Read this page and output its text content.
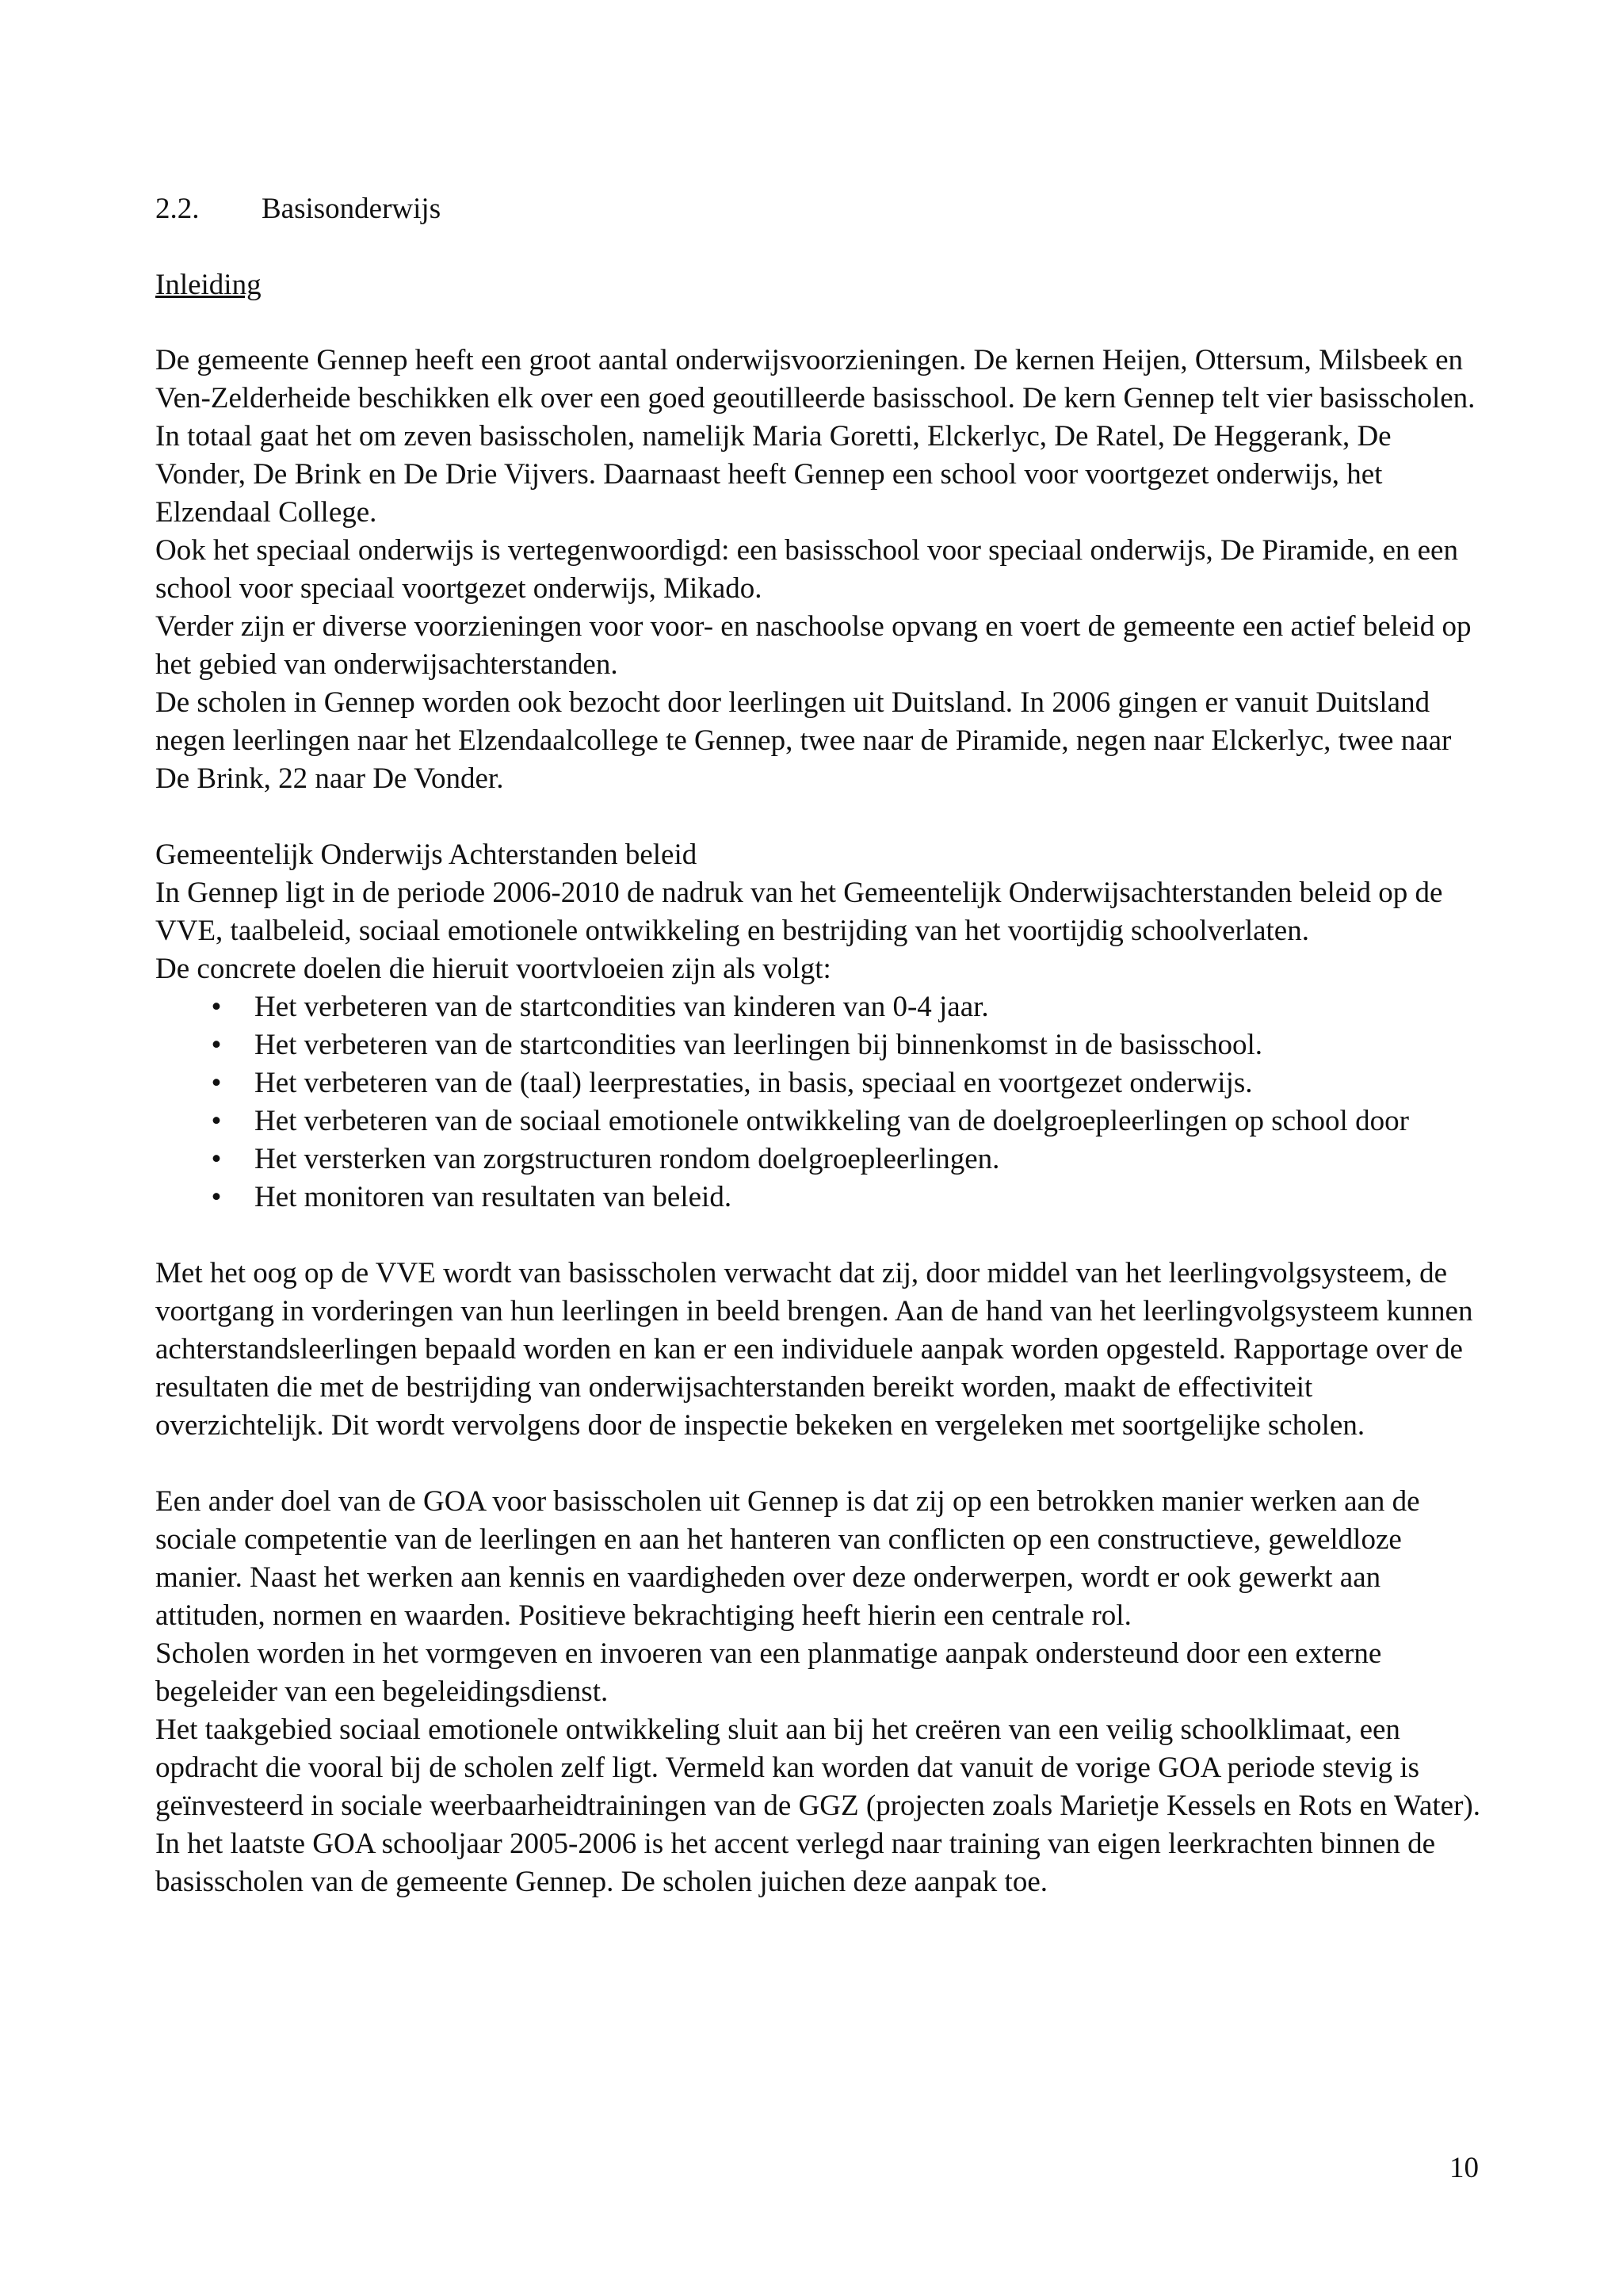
2.2.	Basisonderwijs
Inleiding

De gemeente Gennep heeft een groot aantal onderwijsvoorzieningen. De kernen Heijen, Ottersum, Milsbeek en Ven-Zelderheide beschikken elk over een goed geoutilleerde basisschool. De kern Gennep telt vier basisscholen. In totaal gaat het om zeven basisscholen, namelijk Maria Goretti, Elckerlyc, De Ratel, De Heggerank, De Vonder, De Brink en De Drie Vijvers. Daarnaast heeft Gennep een school voor voortgezet onderwijs, het Elzendaal College.

Ook het speciaal onderwijs is vertegenwoordigd: een basisschool voor speciaal onderwijs, De Piramide, en een school voor speciaal voortgezet onderwijs, Mikado.

Verder zijn er diverse voorzieningen voor voor- en naschoolse opvang en voert de gemeente een actief beleid op het gebied van onderwijsachterstanden.

De scholen in Gennep worden ook bezocht door leerlingen uit Duitsland. In 2006 gingen er vanuit Duitsland negen leerlingen naar het Elzendaalcollege te Gennep, twee naar de Piramide, negen naar Elckerlyc, twee naar De Brink, 22 naar De Vonder.

Gemeentelijk Onderwijs Achterstanden beleid

In Gennep ligt in de periode 2006-2010 de nadruk van het Gemeentelijk Onderwijsachterstanden beleid op de VVE, taalbeleid, sociaal emotionele ontwikkeling en bestrijding van het voortijdig schoolverlaten.

De concrete doelen die hieruit voortvloeien zijn als volgt:

• Het verbeteren van de startcondities van kinderen van 0-4 jaar.
• Het verbeteren van de startcondities van leerlingen bij binnenkomst in de basisschool.
• Het verbeteren van de (taal) leerprestaties, in basis, speciaal en voortgezet onderwijs.
• Het verbeteren van de sociaal emotionele ontwikkeling van de doelgroepleerlingen op school door
• Het versterken van zorgstructuren rondom doelgroepleerlingen.
• Het monitoren van resultaten van beleid.

Met het oog op de VVE wordt van basisscholen verwacht dat zij, door middel van het leerlingvolgsysteem, de voortgang in vorderingen van hun leerlingen in beeld brengen. Aan de hand van het leerlingvolgsysteem kunnen achterstandsleerlingen bepaald worden en kan er een individuele aanpak worden opgesteld. Rapportage over de resultaten die met de bestrijding van onderwijsachterstanden bereikt worden, maakt de effectiviteit overzichtelijk. Dit wordt vervolgens door de inspectie bekeken en vergeleken met soortgelijke scholen.

Een ander doel van de GOA voor basisscholen uit Gennep is dat zij op een betrokken manier werken aan de sociale competentie van de leerlingen en aan het hanteren van conflicten op een constructieve, geweldloze manier. Naast het werken aan kennis en vaardigheden over deze onderwerpen, wordt er ook gewerkt aan attituden, normen en waarden. Positieve bekrachtiging heeft hierin een centrale rol.

Scholen worden in het vormgeven en invoeren van een planmatige aanpak ondersteund door een externe begeleider van een begeleidingsdienst.

Het taakgebied sociaal emotionele ontwikkeling sluit aan bij het creëren van een veilig schoolklimaat, een opdracht die vooral bij de scholen zelf ligt. Vermeld kan worden dat vanuit de vorige GOA periode stevig is geïnvesteerd in sociale weerbaarheidtrainingen van de GGZ (projecten zoals Marietje Kessels en Rots en Water). In het laatste GOA schooljaar 2005-2006 is het accent verlegd naar training van eigen leerkrachten binnen de basisscholen van de gemeente Gennep. De scholen juichen deze aanpak toe.

10
